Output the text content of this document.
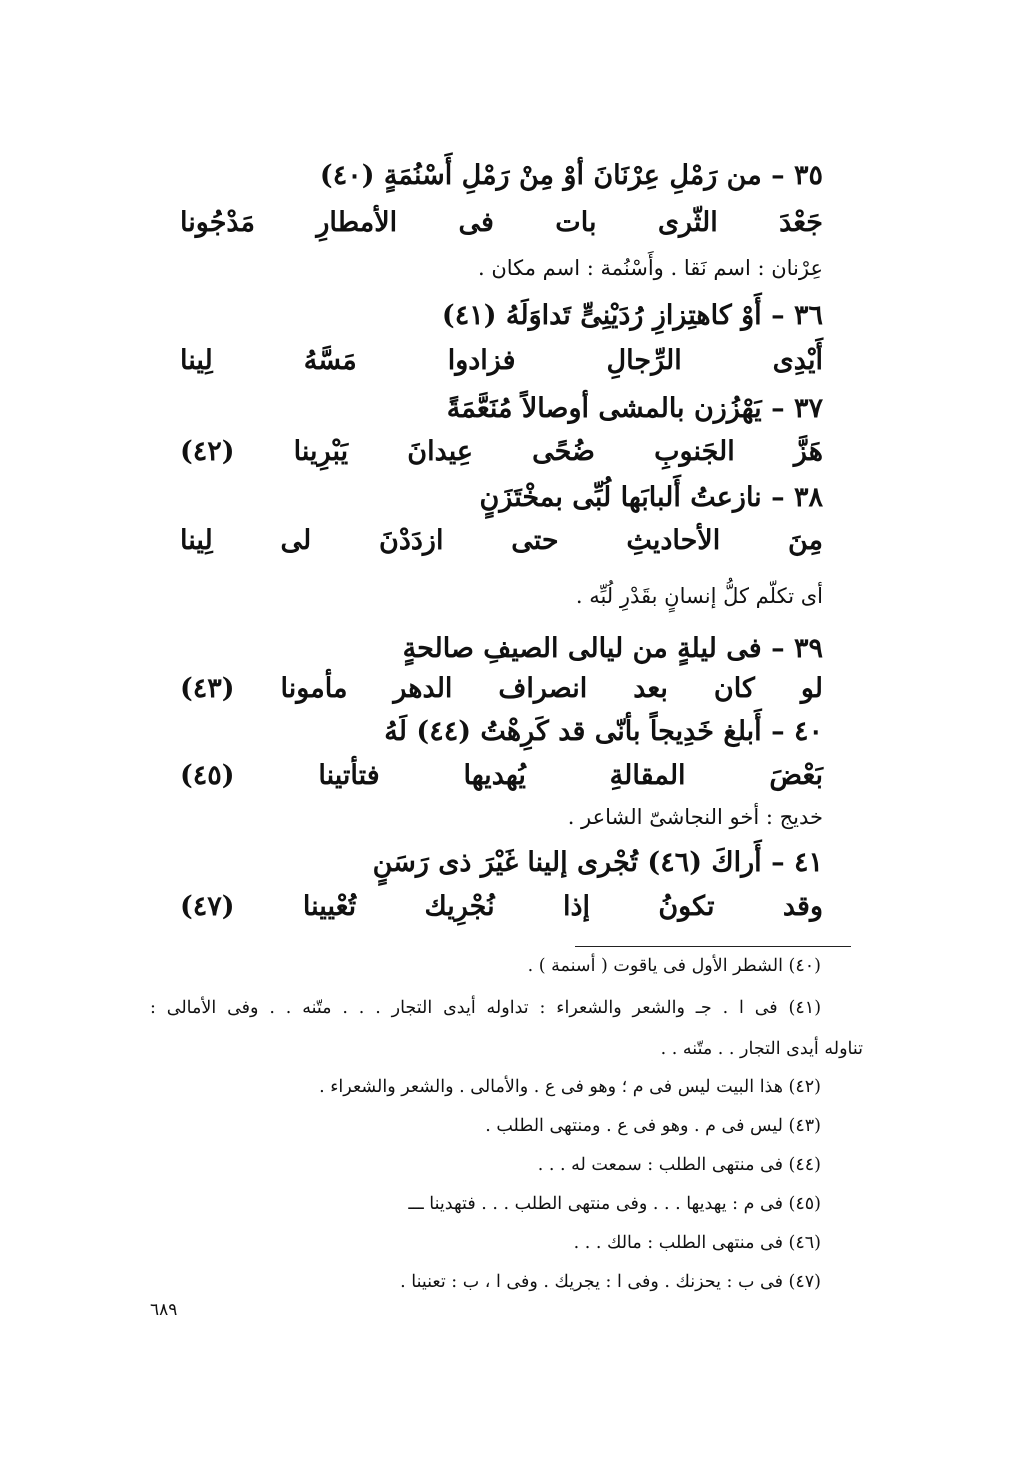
٣٥ – من رَمْلِ عِرْنَانَ أوْ مِنْ رَمْلِ أَسْنُمَةٍ (٤٠)
جَعْدَ الثّرى بات فى الأمطارِ مَدْجُونا
عِرْنان : اسم نَقا . وأَسْنُمة : اسم مكان .
٣٦ – أَوْ كاهتِزازِ رُدَيْنِىٍّ تَداوَلَهُ (٤١)
أَيْدِى الرِّجالِ فزادوا مَسَّهُ لِينا
٣٧ – يَهْزُزن بالمشى أوصالاً مُنَعَّمَةً
هَزَّ الجَنوبِ ضُحًى عِيدانَ يَبْرِينا (٤٢)
٣٨ – نازعتُ أَلبابَها لُبِّى بمخْتَزَنٍ
مِنَ الأحاديثِ حتى ازدَدْنَ لى لِينا
أى تكلّم كلُّ إنسانٍ بقَدْرِ لُبِّه .
٣٩ – فى ليلةٍ من ليالى الصيفِ صالحةٍ
لو كان بعد انصراف الدهر مأمونا (٤٣)
٤٠ – أَبلغ خَدِيجاً بأنّى قد كَرِهْتُ (٤٤) لَهُ
بَعْضَ المقالةِ يُهديها فتأتينا (٤٥)
خديج : أخو النجاشىّ الشاعر .
٤١ – أَراكَ (٤٦) تُجْرى إلينا غَيْرَ ذى رَسَنٍ
وقد تكونُ إذا نُجْرِيك تُعْيينا (٤٧)
(٤٠) الشطر الأول فى ياقوت ( أسنمة ) .
(٤١) فى ا . جـ والشعر والشعراء : تداوله أيدى التجار . . . متّنه . . وفى الأمالى :
تناوله أيدى التجار . . متّنه . .
(٤٢) هذا البيت ليس فى م ؛ وهو فى ع . والأمالى . والشعر والشعراء .
(٤٣) ليس فى م . وهو فى ع . ومنتهى الطلب .
(٤٤) فى منتهى الطلب : سمعت له . . .
(٤٥) فى م : يهديها . . . وفى منتهى الطلب . . . فتهدينا ـــ
(٤٦) فى منتهى الطلب : مالك . . .
(٤٧) فى ب : يحزنك . وفى ا : يجريك . وفى ا ، ب : تعنينا .
٦٨٩
